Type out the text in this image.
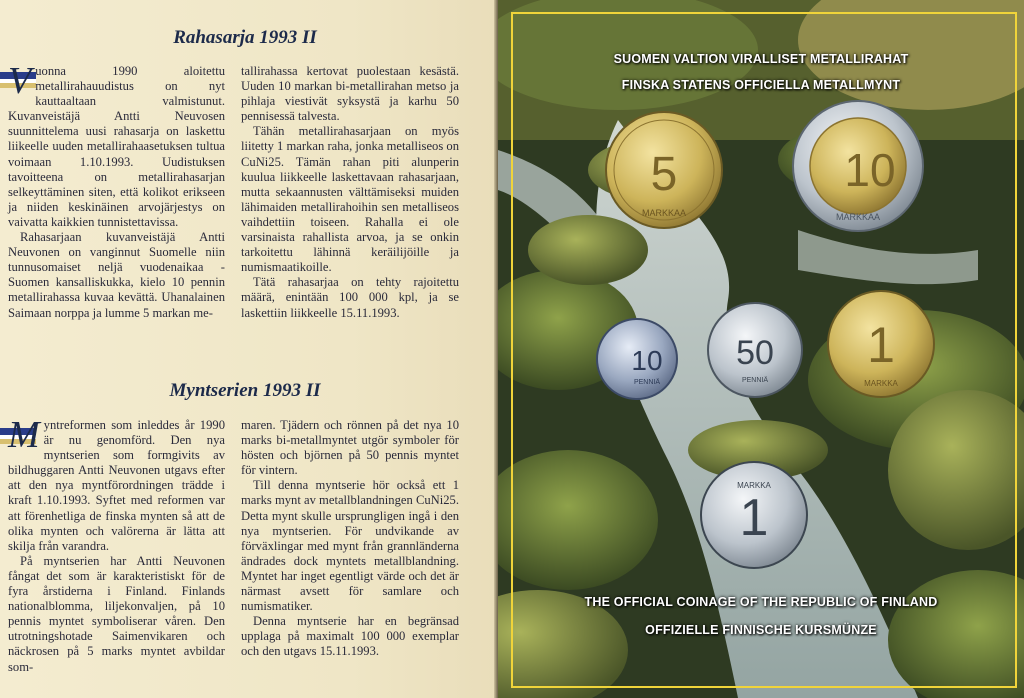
Rahasarja 1993 II

Vuonna 1990 aloitettu metallirahauudistus on nyt kauttaaltaan valmistunut. Kuvanveistäjä Antti Neuvosen suunnittelema uusi rahasarja on laskettu liikeelle uuden metallirahaasetuksen tultua voimaan 1.10.1993. Uudistuksen tavoitteena on metallirahasarjan selkeyttäminen siten, että kolikot erikseen ja niiden keskinäinen arvojärjestys on vaivatta kaikkien tunnistettavissa.

Rahasarjaan kuvanveistäjä Antti Neuvonen on vanginnut Suomelle niin tunnusomaiset neljä vuodenaikaa - Suomen kansalliskukka, kielo 10 pennin metallirahassa kuvaa kevättä. Uhanalainen Saimaan norppa ja lumme 5 markan me-

tallirahassa kertovat puolestaan kesästä. Uuden 10 markan bi-metallirahan metso ja pihlaja viestivät syksystä ja karhu 50 pennisessä talvesta.

Tähän metallirahasarjaan on myös liitetty 1 markan raha, jonka metalliseos on CuNi25. Tämän rahan piti alunperin kuulua liikkeelle laskettavaan rahasarjaan, mutta sekaannusten välttämiseksi muiden lähimaiden metallirahoihin sen metalliseos vaihdettiin toiseen. Rahalla ei ole varsinaista rahallista arvoa, ja se onkin tarkoitettu lähinnä keräilijöille ja numismaatikoille.

Tätä rahasarjaa on tehty rajoitettu määrä, enintään 100 000 kpl, ja se laskettiin liikkeelle 15.11.1993.

Myntserien 1993 II

Myntreformen som inleddes år 1990 är nu genomförd. Den nya myntserien som formgivits av bildhuggaren Antti Neuvonen utgavs efter att den nya myntförordningen trädde i kraft 1.10.1993. Syftet med reformen var att förenhetliga de finska mynten så att de olika mynten och valörerna är lätta att skilja från varandra.

På myntserien har Antti Neuvonen fångat det som är karakteristiskt för de fyra årstiderna i Finland. Finlands nationalblomma, liljekonvaljen, på 10 pennis myntet symboliserar våren. Den utrotningshotade Saimenvikaren och näckrosen på 5 marks myntet avbildar som-

maren. Tjädern och rönnen på det nya 10 marks bi-metallmyntet utgör symboler för hösten och björnen på 50 pennis myntet för vintern.

Till denna myntserie hör också ett 1 marks mynt av metallblandningen CuNi25. Detta mynt skulle ursprungligen ingå i den nya myntserien. För undvikande av förväxlingar med mynt från grannländerna ändrades dock myntets metallblandning. Myntet har inget egentligt värde och det är närmast avsett för samlare och numismatiker.

Denna myntserie har en begränsad upplaga på maximalt 100 000 exemplar och den utgavs 15.11.1993.

5
MARKKAA
10
MARKKAA
10
PENNIÄ
50
PENNIÄ
1
MARKKA
1
MARKKA
SUOMEN VALTION VIRALLISET METALLIRAHAT
FINSKA STATENS OFFICIELLA METALLMYNT
THE OFFICIAL COINAGE OF THE REPUBLIC OF FINLAND
OFFIZIELLE FINNISCHE KURSMÜNZE
